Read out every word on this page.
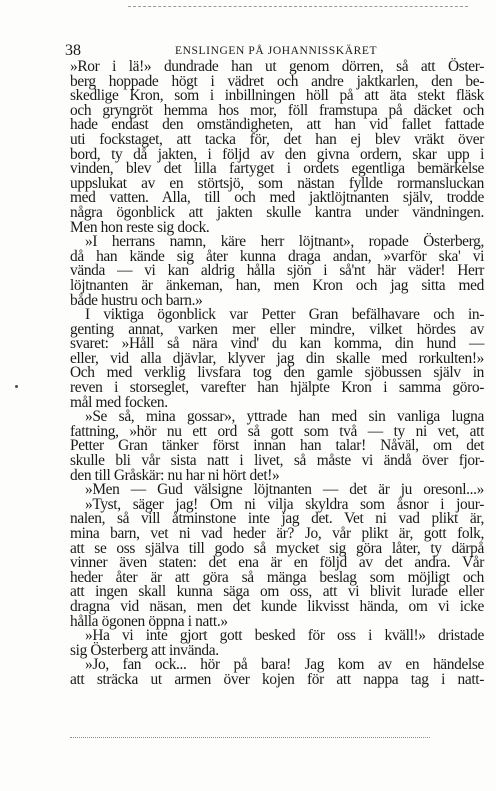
38	ENSLINGEN PÅ JOHANNISSKÄRET
»Ror i lä!» dundrade han ut genom dörren, så att Öster-
berg hoppade högt i vädret och andre jaktkarlen, den be-
skedlige Kron, som i inbillningen höll på att äta stekt fläsk
och gryngröt hemma hos mor, föll framstupa på däcket och
hade endast den omständigheten, att han vid fallet fattade
uti fockstaget, att tacka för, det han ej blev vräkt över
bord, ty då jakten, i följd av den givna ordern, skar upp i
vinden, blev det lilla fartyget i ordets egentliga bemärkelse
uppslukat av en störtsjö, som nästan fyllde rormansluckan
med vatten. Alla, till och med jaktlöjtnanten själv, trodde
några ögonblick att jakten skulle kantra under vändningen.
Men hon reste sig dock.
»I herrans namn, käre herr löjtnant», ropade Österberg,
då han kände sig åter kunna draga andan, »varför ska' vi
vända — vi kan aldrig hålla sjön i så'nt här väder! Herr
löjtnanten är änkeman, han, men Kron och jag sitta med
både hustru och barn.»
I viktiga ögonblick var Petter Gran befälhavare och in-
genting annat, varken mer eller mindre, vilket hördes av
svaret: »Håll så nära vind' du kan komma, din hund —
eller, vid alla djävlar, klyver jag din skalle med rorkulten!»
Och med verklig livsfara tog den gamle sjöbussen själv in
reven i storseglet, varefter han hjälpte Kron i samma göro-
mål med focken.
»Se så, mina gossar», yttrade han med sin vanliga lugna
fattning, »hör nu ett ord så gott som två — ty ni vet, att
Petter Gran tänker först innan han talar! Nåväl, om det
skulle bli vår sista natt i livet, så måste vi ändå över fjor-
den till Gråskär: nu har ni hört det!»
»Men — Gud välsigne löjtnanten — det är ju oresonl...»
»Tyst, säger jag! Om ni vilja skyldra som åsnor i jour-
nalen, så vill åtminstone inte jag det. Vet ni vad plikt är,
mina barn, vet ni vad heder är? Jo, vår plikt är, gott folk,
att se oss själva till godo så mycket sig göra låter, ty därpå
vinner även staten: det ena är en följd av det andra. Vår
heder åter är att göra så mänga beslag som möjligt och
att ingen skall kunna säga om oss, att vi blivit lurade eller
dragna vid näsan, men det kunde likvisst hända, om vi icke
hålla ögonen öppna i natt.»
»Ha vi inte gjort gott besked för oss i kväll!» dristade
sig Österberg att invända.
»Jo, fan ock... hör på bara! Jag kom av en händelse
att sträcka ut armen över kojen för att nappa tag i natt-
